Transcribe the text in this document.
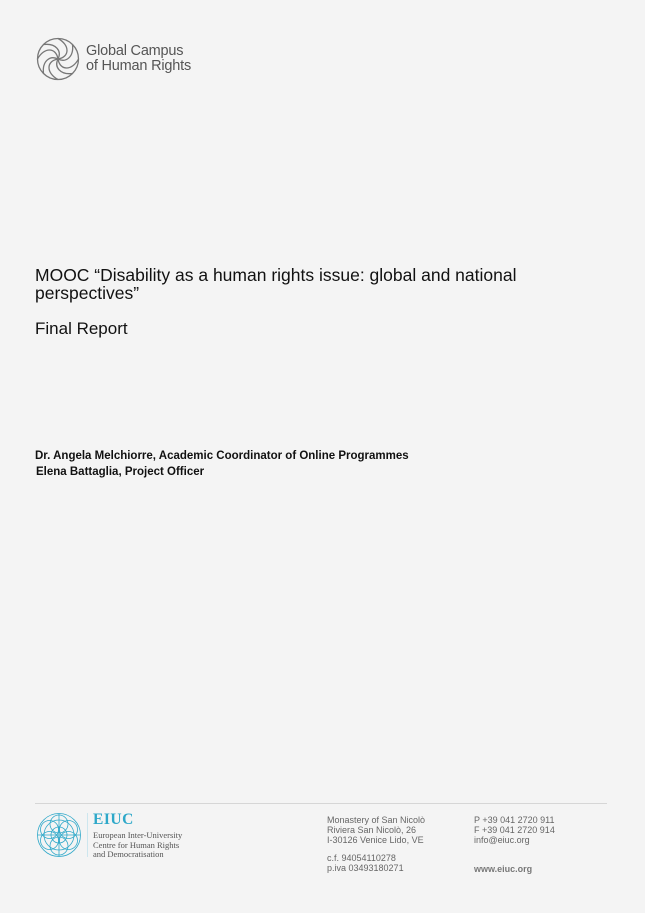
Global Campus
of Human Rights
MOOC “Disability as a human rights issue: global and national perspectives”
Final Report
Dr. Angela Melchiorre, Academic Coordinator of Online Programmes
Elena Battaglia, Project Officer
EIUC
European Inter-University
Centre for Human Rights
and Democratisation
Monastery of San Nicolò
Riviera San Nicolò, 26
I-30126 Venice Lido, VE
c.f. 94054110278
p.iva 03493180271
P +39 041 2720 911
F +39 041 2720 914
info@eiuc.org
www.eiuc.org
